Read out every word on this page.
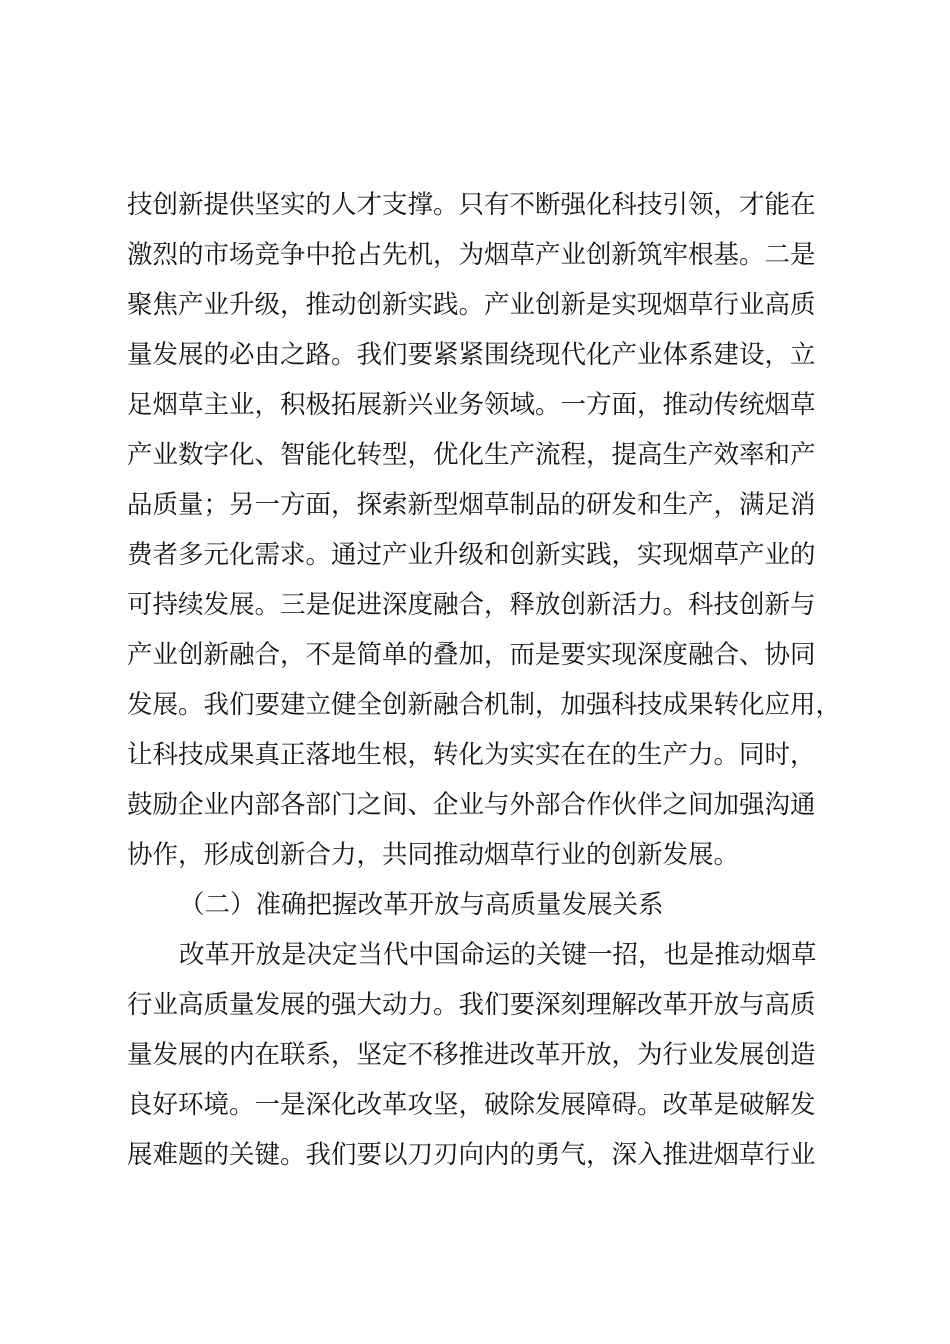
技创新提供坚实的人才支撑。只有不断强化科技引领，才能在
激烈的市场竞争中抢占先机，为烟草产业创新筑牢根基。二是
聚焦产业升级，推动创新实践。产业创新是实现烟草行业高质
量发展的必由之路。我们要紧紧围绕现代化产业体系建设，立
足烟草主业，积极拓展新兴业务领域。一方面，推动传统烟草
产业数字化、智能化转型，优化生产流程，提高生产效率和产
品质量；另一方面，探索新型烟草制品的研发和生产，满足消
费者多元化需求。通过产业升级和创新实践，实现烟草产业的
可持续发展。三是促进深度融合，释放创新活力。科技创新与
产业创新融合，不是简单的叠加，而是要实现深度融合、协同
发展。我们要建立健全创新融合机制，加强科技成果转化应用，
让科技成果真正落地生根，转化为实实在在的生产力。同时，
鼓励企业内部各部门之间、企业与外部合作伙伴之间加强沟通
协作，形成创新合力，共同推动烟草行业的创新发展。
（二）准确把握改革开放与高质量发展关系
改革开放是决定当代中国命运的关键一招，也是推动烟草
行业高质量发展的强大动力。我们要深刻理解改革开放与高质
量发展的内在联系，坚定不移推进改革开放，为行业发展创造
良好环境。一是深化改革攻坚，破除发展障碍。改革是破解发
展难题的关键。我们要以刀刃向内的勇气，深入推进烟草行业
